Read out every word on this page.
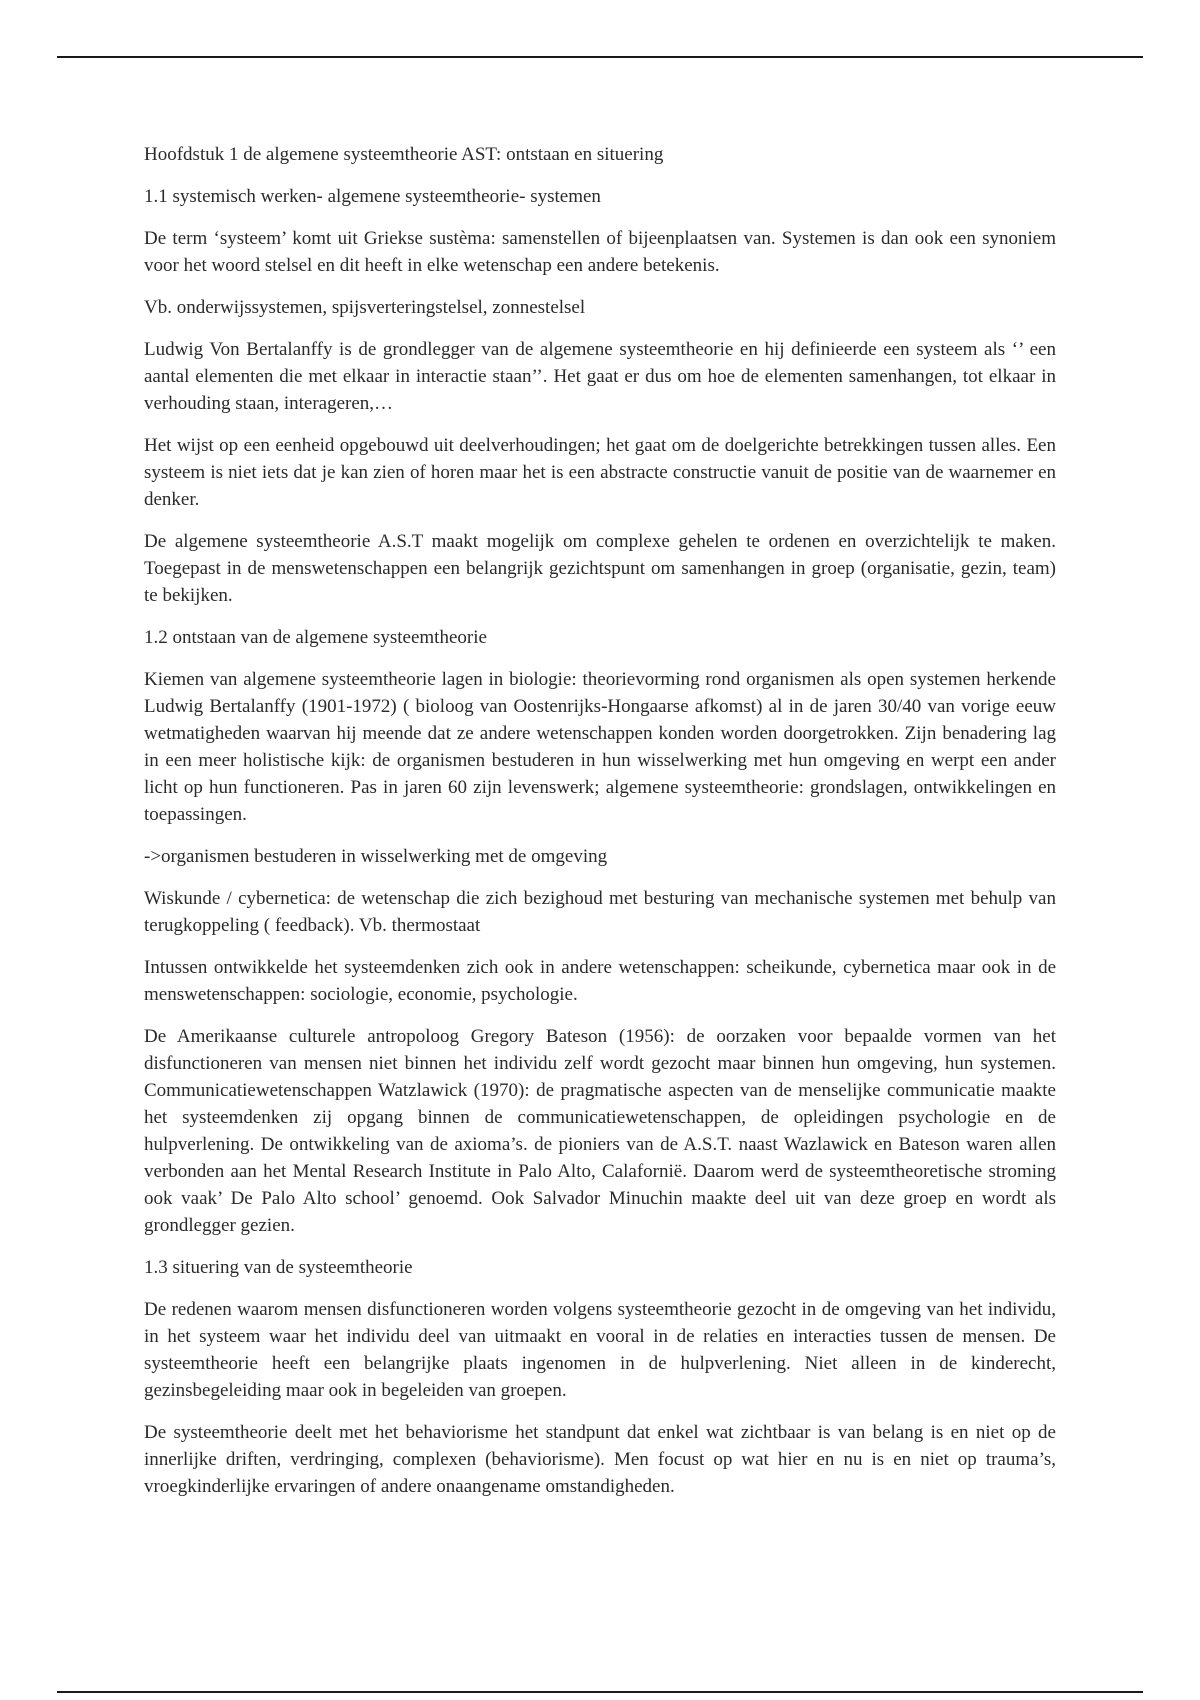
Hoofdstuk 1 de algemene systeemtheorie AST: ontstaan en situering

1.1 systemisch werken- algemene systeemtheorie- systemen

De term ‘systeem’ komt uit Griekse sustèma: samenstellen of bijeenplaatsen van. Systemen is dan ook een synoniem voor het woord stelsel en dit heeft in elke wetenschap een andere betekenis.

Vb. onderwijssystemen, spijsverteringstelsel, zonnestelsel

Ludwig Von Bertalanffy is de grondlegger van de algemene systeemtheorie en hij definieerde een systeem als ‘’ een aantal elementen die met elkaar in interactie staan’’. Het gaat er dus om hoe de elementen samenhangen, tot elkaar in verhouding staan, interageren,…

Het wijst op een eenheid opgebouwd uit deelverhoudingen; het gaat om de doelgerichte betrekkingen tussen alles. Een systeem is niet iets dat je kan zien of horen maar het is een abstracte constructie vanuit de positie van de waarnemer en denker.

De algemene systeemtheorie A.S.T maakt mogelijk om complexe gehelen te ordenen en overzichtelijk te maken. Toegepast in de menswetenschappen een belangrijk gezichtspunt om samenhangen in groep (organisatie, gezin, team) te bekijken.

1.2 ontstaan van de algemene systeemtheorie

Kiemen van algemene systeemtheorie lagen in biologie: theorievorming rond organismen als open systemen herkende Ludwig Bertalanffy (1901-1972) ( bioloog van Oostenrijks-Hongaarse afkomst) al in de jaren 30/40 van vorige eeuw wetmatigheden waarvan hij meende dat ze andere wetenschappen konden worden doorgetrokken. Zijn benadering lag in een meer holistische kijk: de organismen bestuderen in hun wisselwerking met hun omgeving en werpt een ander licht op hun functioneren. Pas in jaren 60 zijn levenswerk; algemene systeemtheorie: grondslagen, ontwikkelingen en toepassingen.

->organismen bestuderen in wisselwerking met de omgeving

Wiskunde / cybernetica: de wetenschap die zich bezighoud met besturing van mechanische systemen met behulp van terugkoppeling ( feedback). Vb. thermostaat

Intussen ontwikkelde het systeemdenken zich ook in andere wetenschappen: scheikunde, cybernetica maar ook in de menswetenschappen: sociologie, economie, psychologie.

De Amerikaanse culturele antropoloog Gregory Bateson (1956): de oorzaken voor bepaalde vormen van het disfunctioneren van mensen niet binnen het individu zelf wordt gezocht maar binnen hun omgeving, hun systemen. Communicatiewetenschappen Watzlawick (1970): de pragmatische aspecten van de menselijke communicatie maakte het systeemdenken zij opgang binnen de communicatiewetenschappen, de opleidingen psychologie en de hulpverlening. De ontwikkeling van de axioma’s. de pioniers van de A.S.T. naast Wazlawick en Bateson waren allen verbonden aan het Mental Research Institute in Palo Alto, Calafornië. Daarom werd de systeemtheoretische stroming ook vaak’ De Palo Alto school’ genoemd. Ook Salvador Minuchin maakte deel uit van deze groep en wordt als grondlegger gezien.

1.3 situering van de systeemtheorie

De redenen waarom mensen disfunctioneren worden volgens systeemtheorie gezocht in de omgeving van het individu, in het systeem waar het individu deel van uitmaakt en vooral in de relaties en interacties tussen de mensen. De systeemtheorie heeft een belangrijke plaats ingenomen in de hulpverlening. Niet alleen in de kinderecht, gezinsbegeleiding maar ook in begeleiden van groepen.

De systeemtheorie deelt met het behaviorisme het standpunt dat enkel wat zichtbaar is van belang is en niet op de innerlijke driften, verdringing, complexen (behaviorisme). Men focust op wat hier en nu is en niet op trauma’s, vroegkinderlijke ervaringen of andere onaangename omstandigheden.
